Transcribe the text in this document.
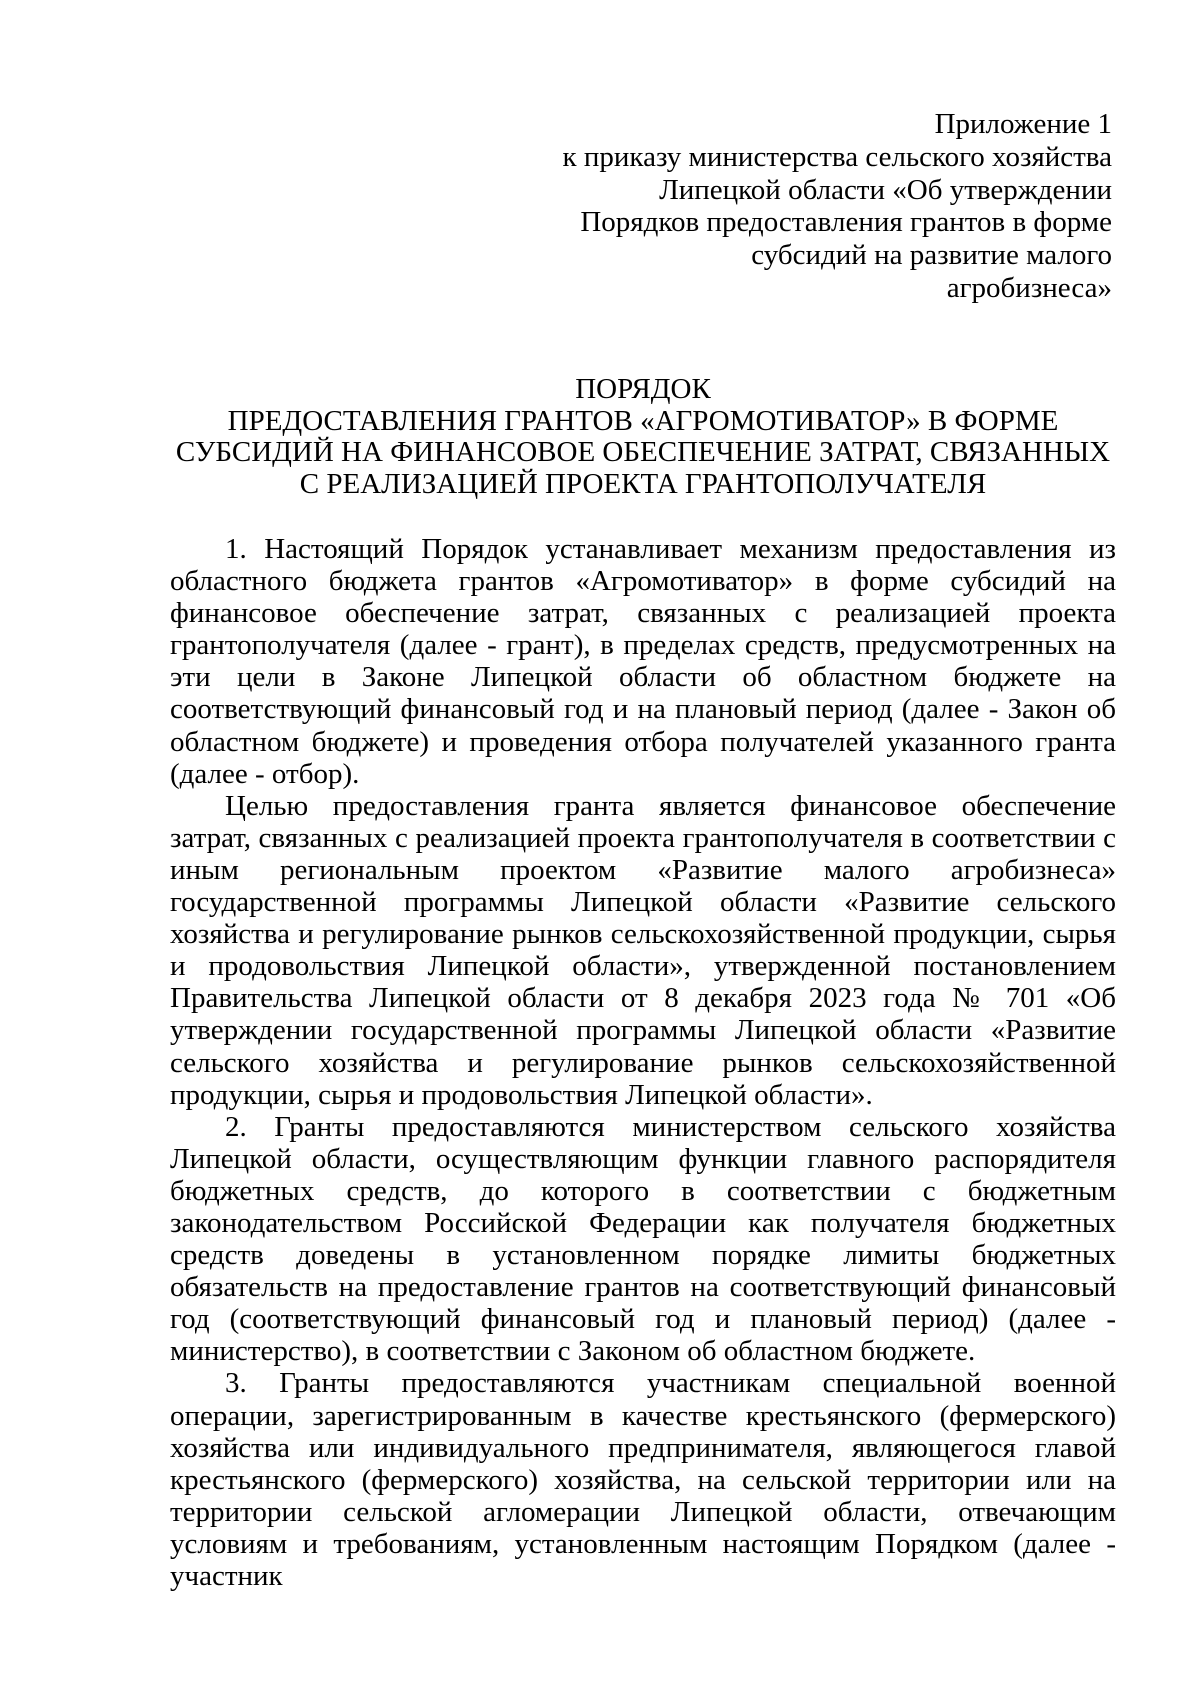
Приложение 1
к приказу министерства сельского хозяйства
Липецкой области «Об утверждении
Порядков предоставления грантов в форме
субсидий на развитие малого
агробизнеса»
ПОРЯДОК
ПРЕДОСТАВЛЕНИЯ ГРАНТОВ «АГРОМОТИВАТОР» В ФОРМЕ
СУБСИДИЙ НА ФИНАНСОВОЕ ОБЕСПЕЧЕНИЕ ЗАТРАТ, СВЯЗАННЫХ
С РЕАЛИЗАЦИЕЙ ПРОЕКТА ГРАНТОПОЛУЧАТЕЛЯ

1. Настоящий Порядок устанавливает механизм предоставления из областного бюджета грантов «Агромотиватор» в форме субсидий на финансовое обеспечение затрат, связанных с реализацией проекта грантополучателя (далее - грант), в пределах средств, предусмотренных на эти цели в Законе Липецкой области об областном бюджете на соответствующий финансовый год и на плановый период (далее - Закон об областном бюджете) и проведения отбора получателей указанного гранта (далее - отбор).

Целью предоставления гранта является финансовое обеспечение затрат, связанных с реализацией проекта грантополучателя в соответствии с иным региональным проектом «Развитие малого агробизнеса» государственной программы Липецкой области «Развитие сельского хозяйства и регулирование рынков сельскохозяйственной продукции, сырья и продовольствия Липецкой области», утвержденной постановлением Правительства Липецкой области от 8 декабря 2023 года № 701 «Об утверждении государственной программы Липецкой области «Развитие сельского хозяйства и регулирование рынков сельскохозяйственной продукции, сырья и продовольствия Липецкой области».

2. Гранты предоставляются министерством сельского хозяйства Липецкой области, осуществляющим функции главного распорядителя бюджетных средств, до которого в соответствии с бюджетным законодательством Российской Федерации как получателя бюджетных средств доведены в установленном порядке лимиты бюджетных обязательств на предоставление грантов на соответствующий финансовый год (соответствующий финансовый год и плановый период) (далее - министерство), в соответствии с Законом об областном бюджете.

3. Гранты предоставляются участникам специальной военной операции, зарегистрированным в качестве крестьянского (фермерского) хозяйства или индивидуального предпринимателя, являющегося главой крестьянского (фермерского) хозяйства, на сельской территории или на территории сельской агломерации Липецкой области, отвечающим условиям и требованиям, установленным настоящим Порядком (далее - участник
